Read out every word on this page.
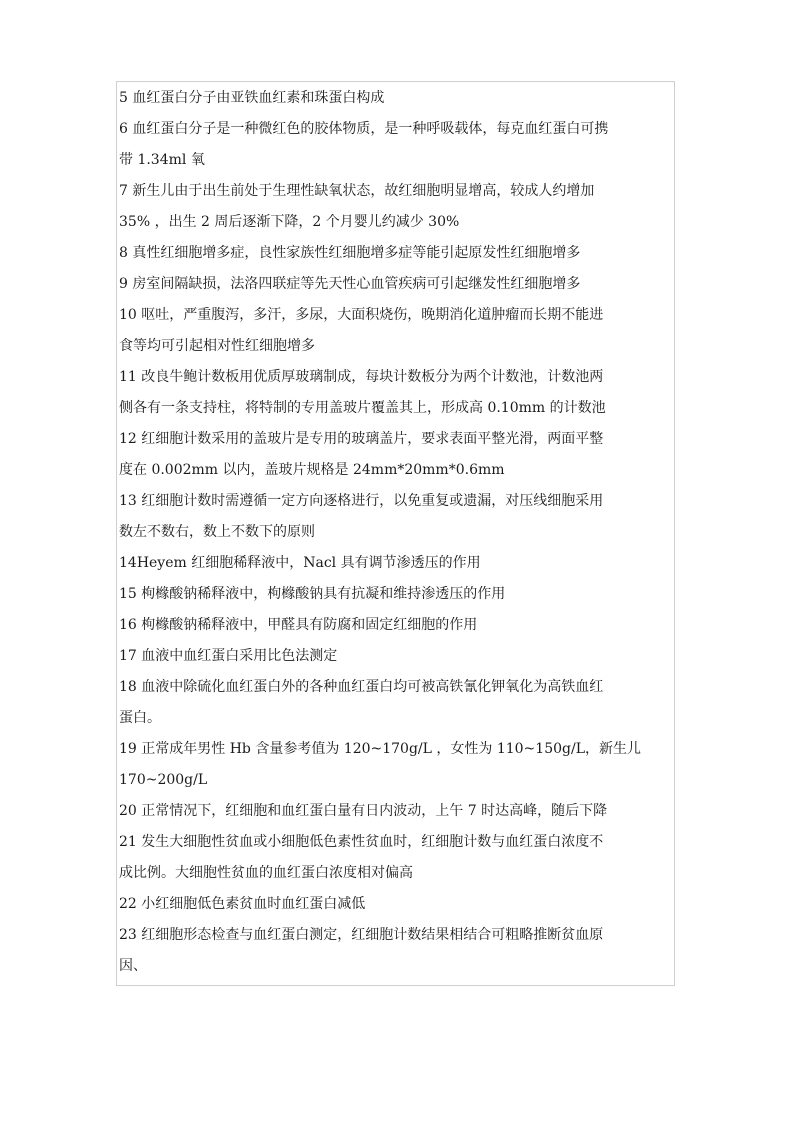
5 血红蛋白分子由亚铁血红素和珠蛋白构成
6 血红蛋白分子是一种微红色的胶体物质，是一种呼吸载体，每克血红蛋白可携
带 1.34ml 氧
7 新生儿由于出生前处于生理性缺氧状态，故红细胞明显增高，较成人约增加
35% ，出生 2 周后逐渐下降，2 个月婴儿约减少 30%
8 真性红细胞增多症，良性家族性红细胞增多症等能引起原发性红细胞增多
9 房室间隔缺损，法洛四联症等先天性心血管疾病可引起继发性红细胞增多
10 呕吐，严重腹泻，多汗，多尿，大面积烧伤，晚期消化道肿瘤而长期不能进
食等均可引起相对性红细胞增多
11 改良牛鲍计数板用优质厚玻璃制成，每块计数板分为两个计数池，计数池两
侧各有一条支持柱，将特制的专用盖玻片覆盖其上，形成高 0.10mm 的计数池
12 红细胞计数采用的盖玻片是专用的玻璃盖片，要求表面平整光滑，两面平整
度在 0.002mm 以内，盖玻片规格是 24mm*20mm*0.6mm
13 红细胞计数时需遵循一定方向逐格进行，以免重复或遗漏，对压线细胞采用
数左不数右，数上不数下的原则
14Heyem 红细胞稀释液中，Nacl 具有调节渗透压的作用
15 枸橼酸钠稀释液中，枸橼酸钠具有抗凝和维持渗透压的作用
16 枸橼酸钠稀释液中，甲醛具有防腐和固定红细胞的作用
17 血液中血红蛋白采用比色法测定
18 血液中除硫化血红蛋白外的各种血红蛋白均可被高铁氰化钾氧化为高铁血红
蛋白。
19 正常成年男性 Hb 含量参考值为 120~170g/L ，女性为 110~150g/L，新生儿
170~200g/L
20 正常情况下，红细胞和血红蛋白量有日内波动，上午 7 时达高峰，随后下降
21 发生大细胞性贫血或小细胞低色素性贫血时，红细胞计数与血红蛋白浓度不
成比例。大细胞性贫血的血红蛋白浓度相对偏高
22 小红细胞低色素贫血时血红蛋白减低
23 红细胞形态检查与血红蛋白测定，红细胞计数结果相结合可粗略推断贫血原
因、
